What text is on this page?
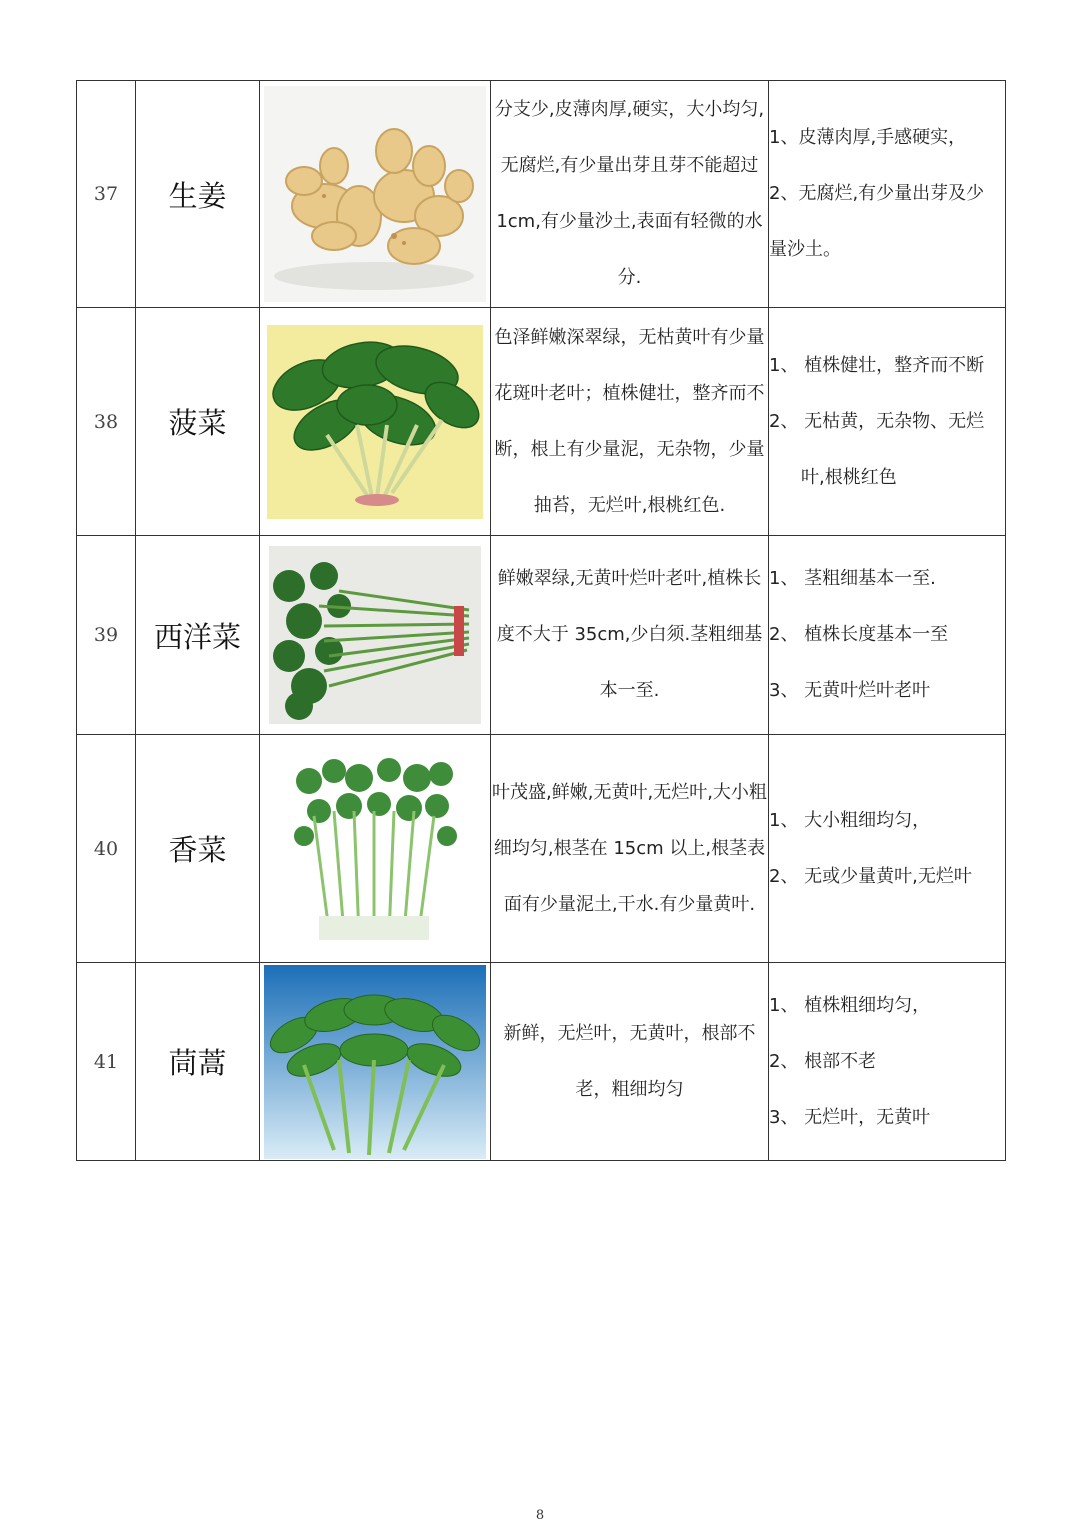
37	生姜		分支少,皮薄肉厚,硬实，大小均匀,无腐烂,有少量出芽且芽不能超过 1cm,有少量沙土,表面有轻微的水分.	1、皮薄肉厚,手感硬实，
2、无腐烂,有少量出芽及少
量沙土。

38	菠菜		色泽鲜嫩深翠绿，无枯黄叶有少量花斑叶老叶；植株健壮，整齐而不断，根上有少量泥，无杂物，少量抽苔，无烂叶,根桃红色.	1、 植株健壮，整齐而不断
2、 无枯黄，无杂物、无烂
叶,根桃红色

39	西洋菜		鲜嫩翠绿,无黄叶烂叶老叶,植株长度不大于 35cm,少白须.茎粗细基本一至.	1、 茎粗细基本一至.
2、 植株长度基本一至
3、 无黄叶烂叶老叶

40	香菜		叶茂盛,鲜嫩,无黄叶,无烂叶,大小粗细均匀,根茎在 15cm 以上,根茎表面有少量泥土,干水.有少量黄叶.	1、 大小粗细均匀，
2、 无或少量黄叶,无烂叶

41	茼蒿		新鲜，无烂叶，无黄叶，根部不老，粗细均匀	1、 植株粗细均匀，
2、 根部不老
3、 无烂叶，无黄叶
8
